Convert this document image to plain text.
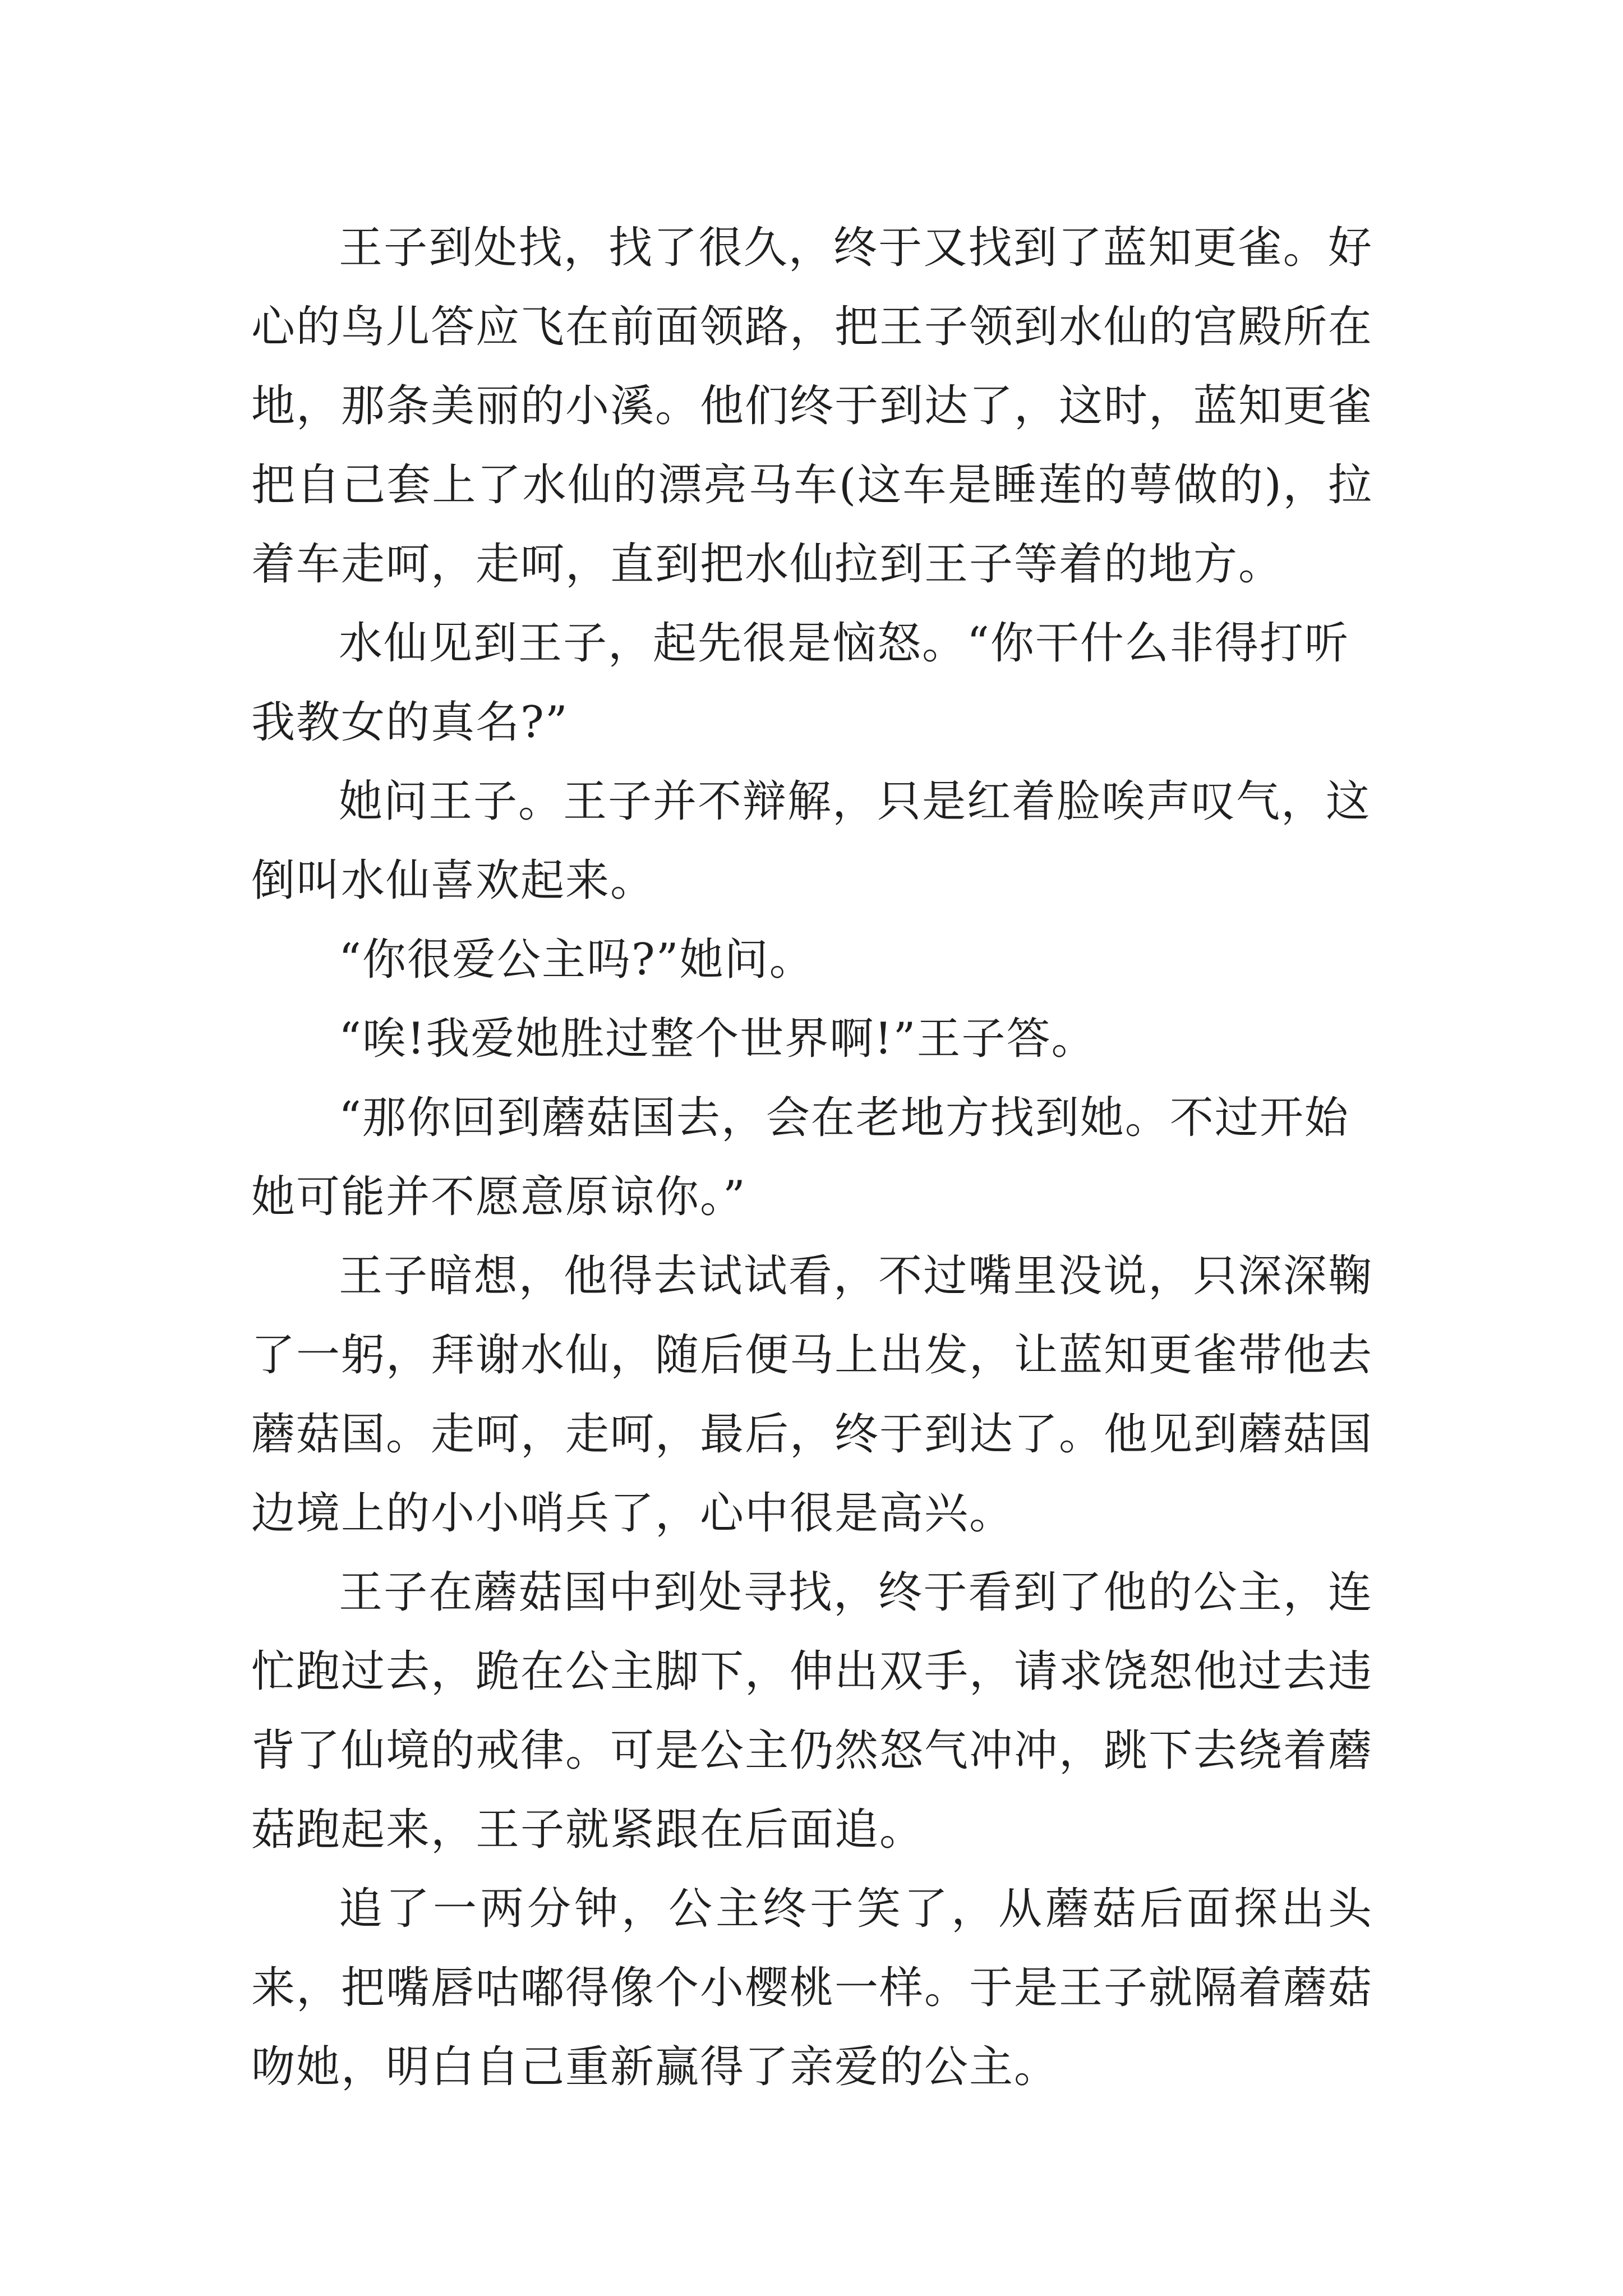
王子到处找，找了很久，终于又找到了蓝知更雀。好心的鸟儿答应飞在前面领路，把王子领到水仙的宫殿所在地，那条美丽的小溪。他们终于到达了，这时，蓝知更雀把自己套上了水仙的漂亮马车(这车是睡莲的萼做的)，拉着车走呵，走呵，直到把水仙拉到王子等着的地方。

水仙见到王子，起先很是恼怒。“你干什么非得打听我教女的真名?”

她问王子。王子并不辩解，只是红着脸唉声叹气，这倒叫水仙喜欢起来。

“你很爱公主吗?”她问。

“唉!我爱她胜过整个世界啊!”王子答。

“那你回到蘑菇国去，会在老地方找到她。不过开始她可能并不愿意原谅你。”

王子暗想，他得去试试看，不过嘴里没说，只深深鞠了一躬，拜谢水仙，随后便马上出发，让蓝知更雀带他去蘑菇国。走呵，走呵，最后，终于到达了。他见到蘑菇国边境上的小小哨兵了，心中很是高兴。

王子在蘑菇国中到处寻找，终于看到了他的公主，连忙跑过去，跪在公主脚下，伸出双手，请求饶恕他过去违背了仙境的戒律。可是公主仍然怒气冲冲，跳下去绕着蘑菇跑起来，王子就紧跟在后面追。

追了一两分钟，公主终于笑了，从蘑菇后面探出头来，把嘴唇咕嘟得像个小樱桃一样。于是王子就隔着蘑菇吻她，明白自己重新赢得了亲爱的公主。
